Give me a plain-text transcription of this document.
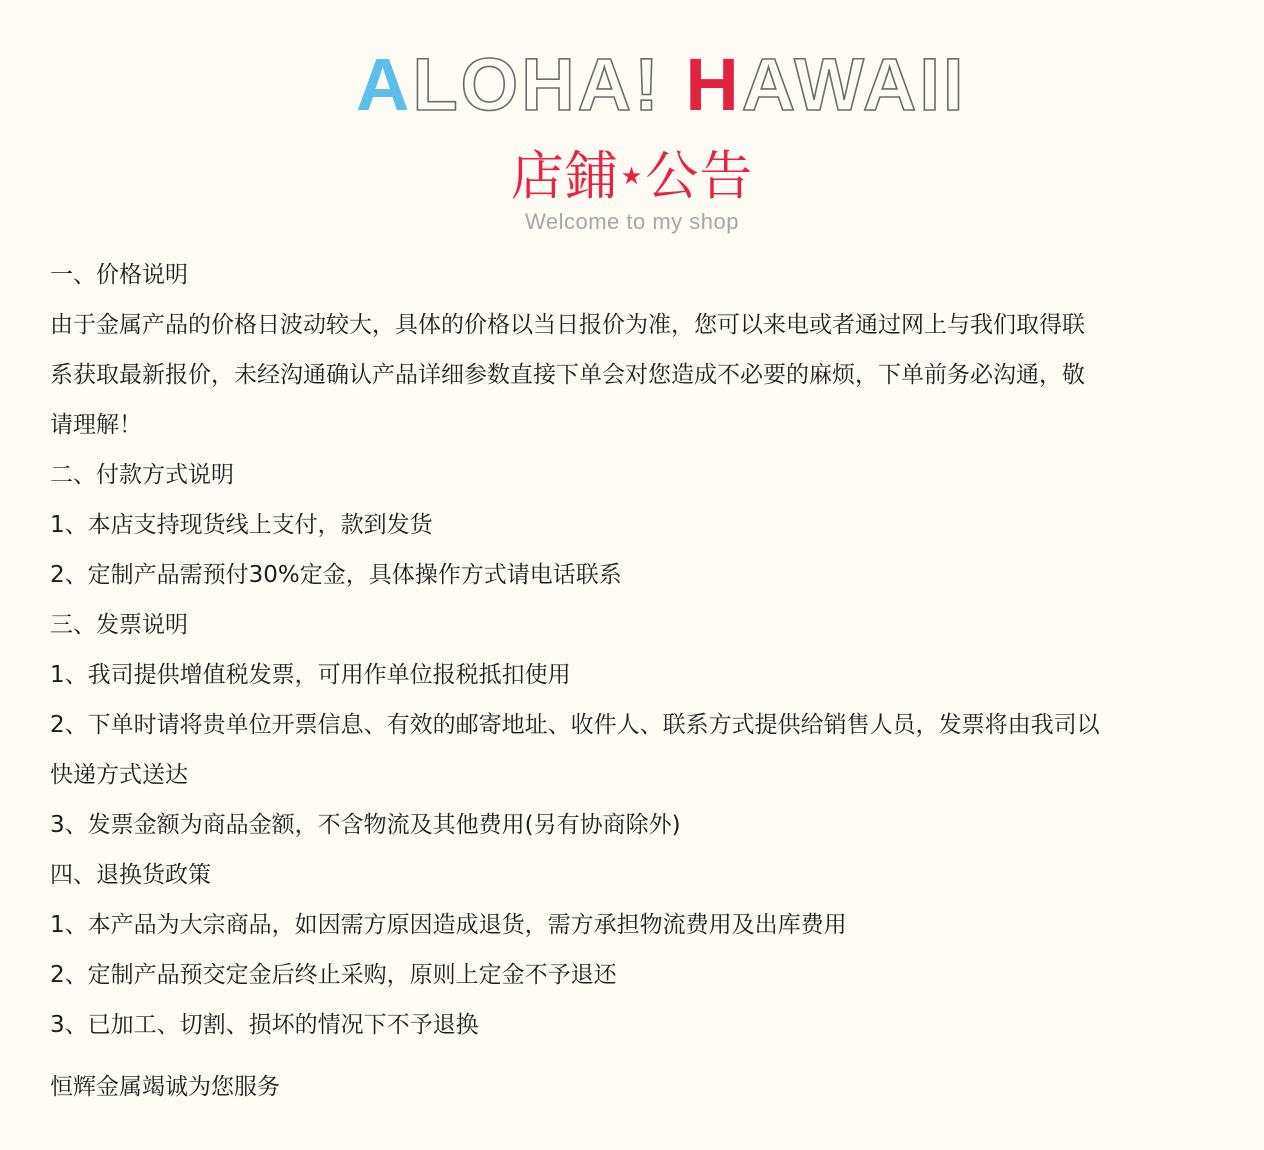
ALOHA! HAWAII
店鋪★公告
Welcome to my shop

一、价格说明

由于金属产品的价格日波动较大，具体的价格以当日报价为准，您可以来电或者通过网上与我们取得联

系获取最新报价，未经沟通确认产品详细参数直接下单会对您造成不必要的麻烦，下单前务必沟通，敬

请理解！

二、付款方式说明

1、本店支持现货线上支付，款到发货

2、定制产品需预付30%定金，具体操作方式请电话联系

三、发票说明

1、我司提供增值税发票，可用作单位报税抵扣使用

2、下单时请将贵单位开票信息、有效的邮寄地址、收件人、联系方式提供给销售人员，发票将由我司以

快递方式送达

3、发票金额为商品金额，不含物流及其他费用(另有协商除外)

四、退换货政策

1、本产品为大宗商品，如因需方原因造成退货，需方承担物流费用及出库费用

2、定制产品预交定金后终止采购，原则上定金不予退还

3、已加工、切割、损坏的情况下不予退换

恒辉金属竭诚为您服务
